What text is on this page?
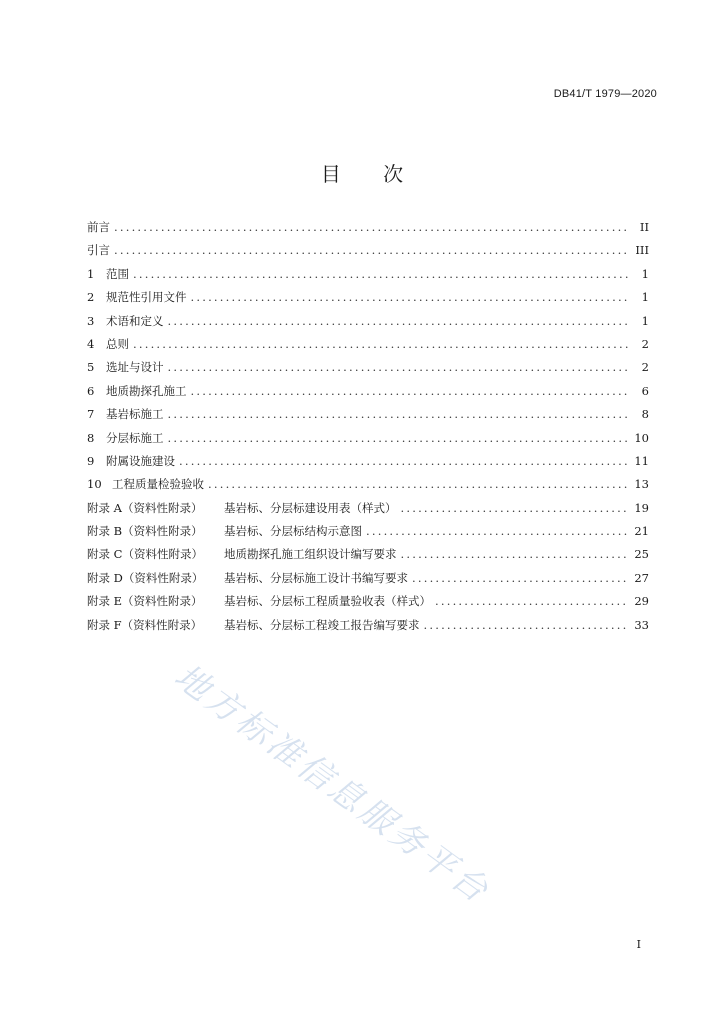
DB41/T 1979—2020
目 次
前言 .....	II
引言 .....	III
1	范围 .....	1
2	规范性引用文件 .....	1
3	术语和定义 .....	1
4	总则 .....	2
5	选址与设计 .....	2
6	地质勘探孔施工 .....	6
7	基岩标施工 .....	8
8	分层标施工 .....	10
9	附属设施建设 .....	11
10 工程质量检验验收 .....	13
附录 A（资料性附录）	基岩标、分层标建设用表（样式） .....	19
附录 B（资料性附录）	基岩标、分层标结构示意图 .....	21
附录 C（资料性附录）	地质勘探孔施工组织设计编写要求 .....	25
附录 D（资料性附录）	基岩标、分层标施工设计书编写要求 .....	27
附录 E（资料性附录）	基岩标、分层标工程质量验收表（样式） .....	29
附录 F（资料性附录）	基岩标、分层标工程竣工报告编写要求 .....	33
地方标准信息服务平台
I
